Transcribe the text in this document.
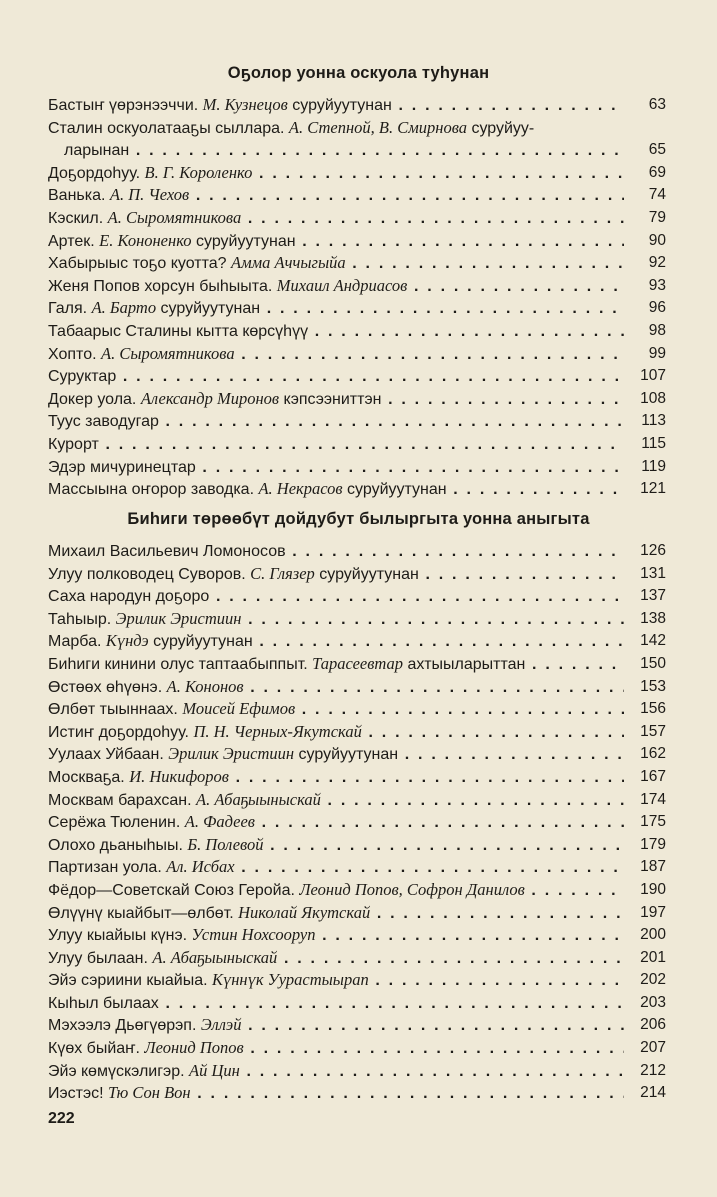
Оҕолор уонна оскуола туһунан
Бастыҥ үөрэнээччи. М. Кузнецов суруйуутунан . . .	63
Сталин оскуолатааҕы сыллара. А. Степной, В. Смирнова суруйуу-
ларынан . . .	65
Доҕордоһуу. В. Г. Короленко . . .	69
Ванька. А. П. Чехов . . .	74
Кэскил. А. Сыромятникова . . .	79
Артек. Е. Кононенко суруйуутунан . . .	90
Хабырыыс тоҕо куотта? Амма Аччыгыйа . . .	92
Женя Попов хорсун быһыыта. Михаил Андриасов . . .	93
Галя. А. Барто суруйуутунан . . .	96
Табаарыс Сталины кытта көрсүһүү . . .	98
Хопто. А. Сыромятникова . . .	99
Суруктар . . .	107
Докер уола. Александр Миронов кэпсээниттэн . . .	108
Туус заводугар . . .	113
Курорт . . .	115
Эдэр мичуринецтар . . .	119
Массыына оҥорор заводка. А. Некрасов суруйуутунан . . .	121
Биһиги төрөөбүт дойдубут былыргыта уонна аныгыта
Михаил Васильевич Ломоносов . . .	126
Улуу полководец Суворов. С. Глязер суруйуутунан . . .	131
Саха народун доҕоро . . .	137
Таһыыр. Эрилик Эристиин . . .	138
Марба. Күндэ суруйуутунан . . .	142
Биһиги кинини олус таптаабыппыт. Тарасеевтар ахтыыларыттан . . .	150
Өстөөх өһүөнэ. А. Кононов . . .	153
Өлбөт тыыннаах. Моисей Ефимов . . .	156
Истиҥ доҕордоһуу. П. Н. Черных-Якутскай . . .	157
Уулаах Уйбаан. Эрилик Эристиин суруйуутунан . . .	162
Москваҕа. И. Никифоров . . .	167
Москвам барахсан. А. Абаҕыыныскай . . .	174
Серёжа Тюленин. А. Фадеев . . .	175
Олохо дьаныһыы. Б. Полевой . . .	179
Партизан уола. Ал. Исбах . . .	187
Фёдор—Советскай Союз Геройа. Леонид Попов, Софрон Данилов . . .	190
Өлүүнү кыайбыт—өлбөт. Николай Якутскай . . .	197
Улуу кыайыы күнэ. Устин Нохсооруп . . .	200
Улуу былаан. А. Абаҕыыныскай . . .	201
Эйэ сэриини кыайыа. Күннүк Уурастыырап . . .	202
Кыһыл былаах . . .	203
Мэхээлэ Дьөгүөрэп. Эллэй . . .	206
Күөх быйаҥ. Леонид Попов . . .	207
Эйэ көмүскэлигэр. Ай Цин . . .	212
Иэстэс! Тю Сон Вон . . .	214
222
